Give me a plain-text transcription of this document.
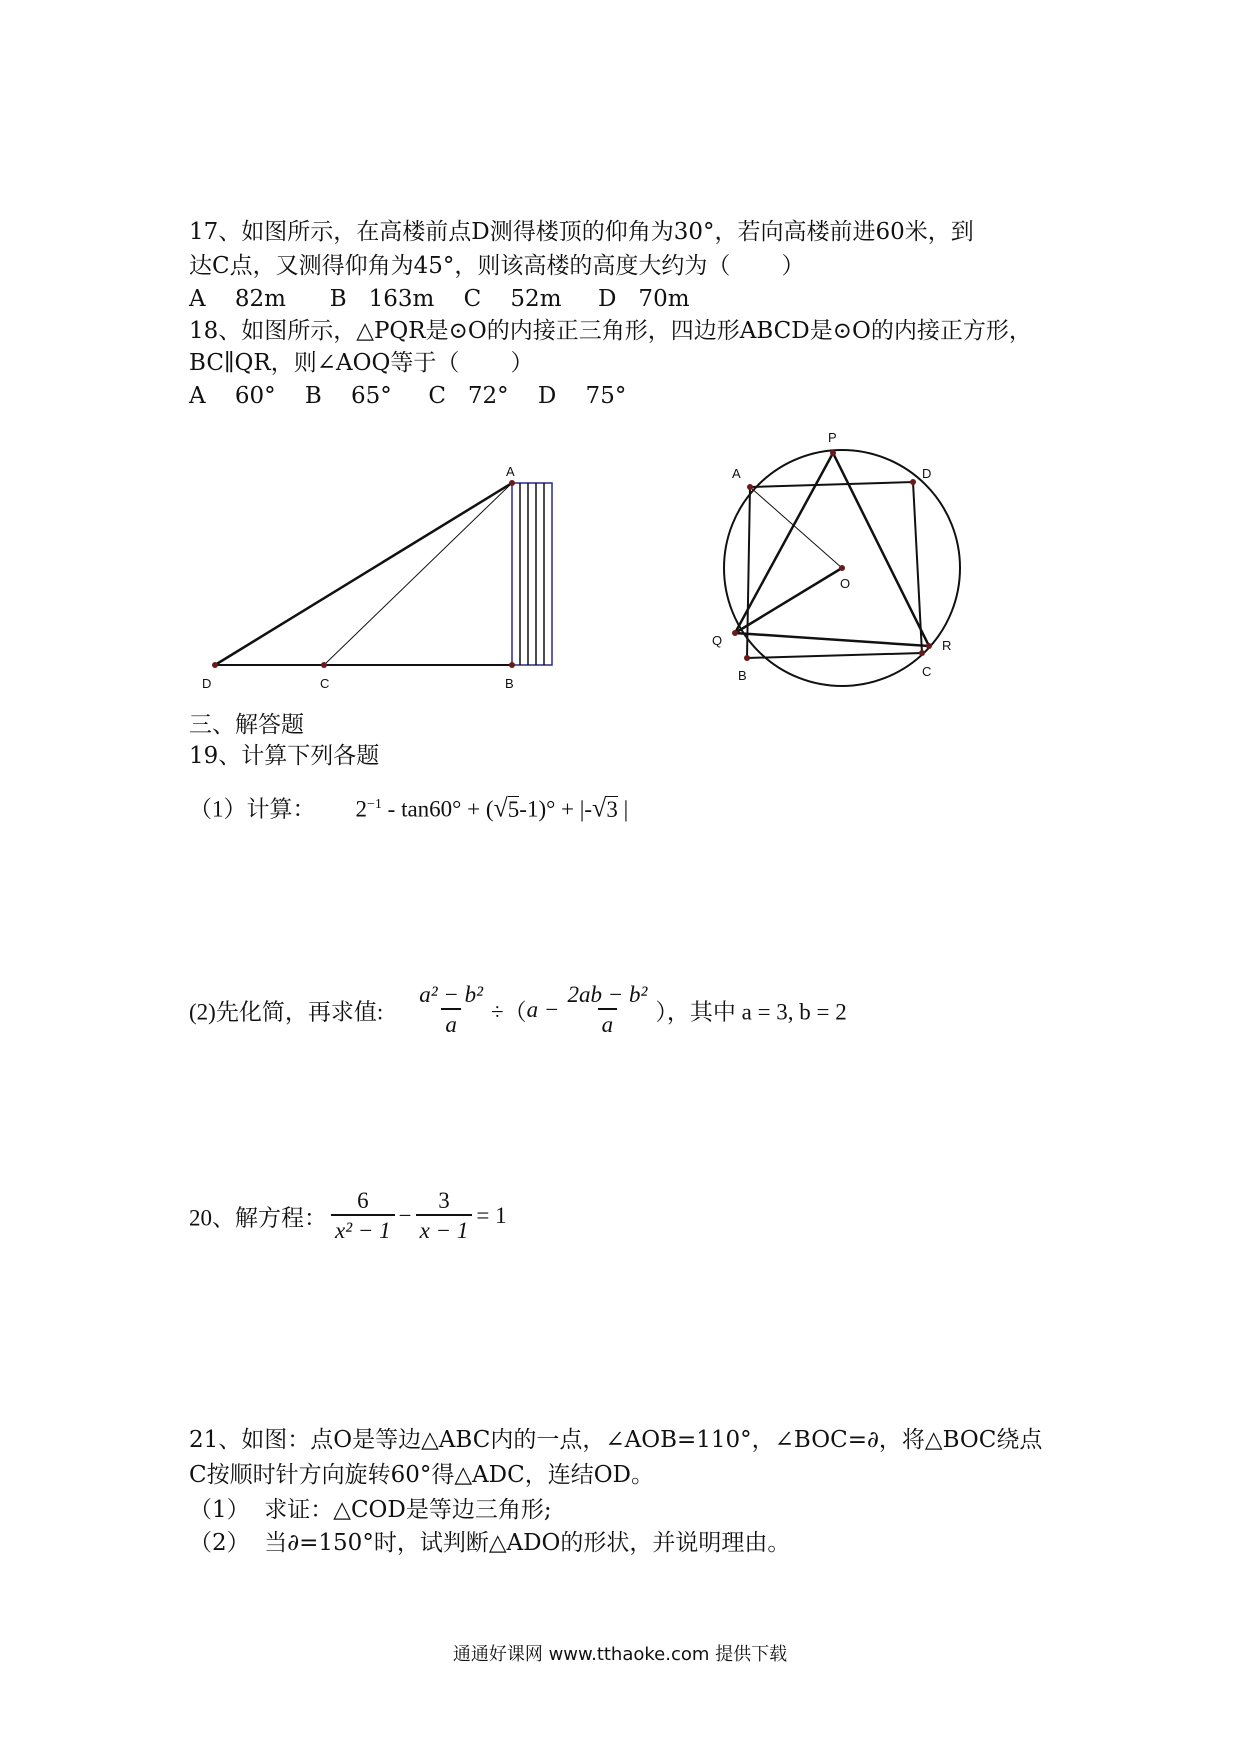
17、如图所示，在高楼前点D测得楼顶的仰角为30°，若向高楼前进60米，到
达C点，又测得仰角为45°，则该高楼的高度大约为（       ）
A    82m      B   163m    C    52m     D   70m
18、如图所示，△PQR是⊙O的内接正三角形，四边形ABCD是⊙O的内接正方形，
BC∥QR，则∠AOQ等于（       ）
A    60°    B    65°     C   72°    D    75°
A
D	C	B
P
A	D
O
Q	R
B	C
三、解答题
19、计算下列各题
（1）计算： $2^{-1} - \tan 60^\circ + (√5-1)^\circ + |-√3$ |
(2)先化简，再求值: $\frac{\text{a² − b²}}{a} \div(a - \frac{\text{2ab − b²}}{a}$ ），其中 a = 3, b = 2
20、解方程： $\frac{6}{\text{x² − 1}} - \frac{3}{x - 1} = 1$
21、如图：点O是等边△ABC内的一点，∠AOB=110°，∠BOC=∂，将△BOC绕点
C按顺时针方向旋转60°得△ADC，连结OD。
（1）  求证：△COD是等边三角形;
（2）  当∂=150°时，试判断△ADO的形状，并说明理由。
通通好课网 www.tthaoke.com 提供下载
